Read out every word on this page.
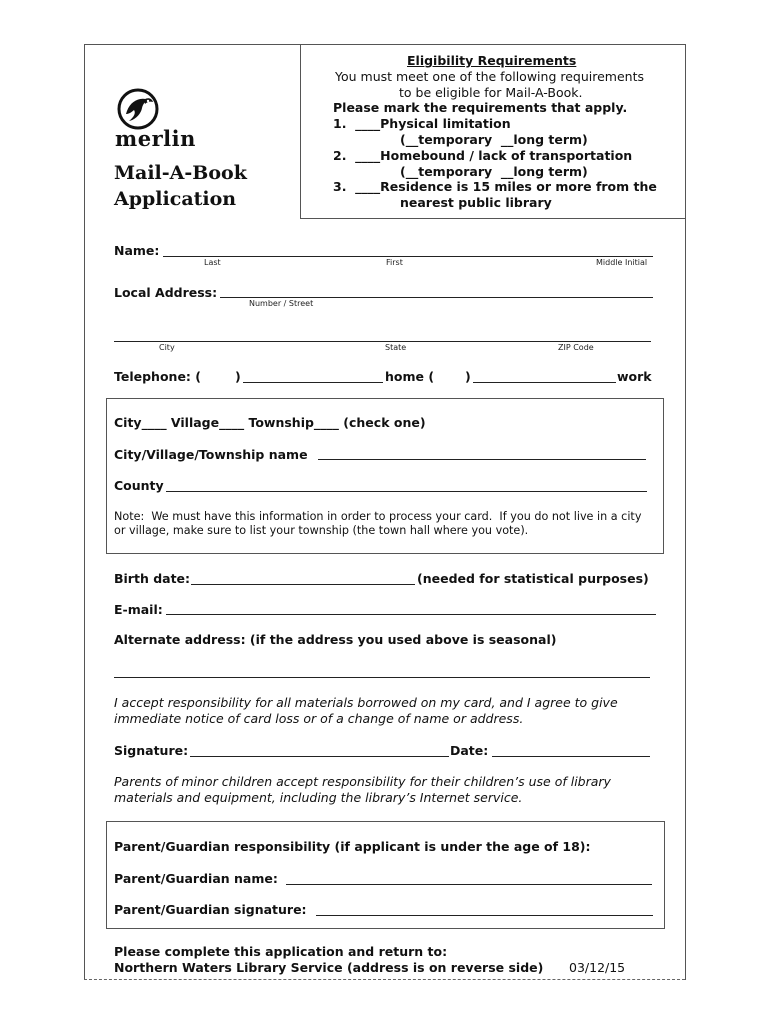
merlin
Mail-A-Book
Application
Eligibility Requirements
You must meet one of the following requirements
to be eligible for Mail-A-Book.
Please mark the requirements that apply.
1.  ____Physical limitation
(__temporary  __long term)
2.  ____Homebound / lack of transportation
(__temporary  __long term)
3.  ____Residence is 15 miles or more from the
nearest public library
Name:
Last	First	Middle Initial
Local Address:
Number / Street
City	State	ZIP Code
Telephone: (	)	home ( )	work
City____ Village____ Township____ (check one)
City/Village/Township name
County
Note:  We must have this information in order to process your card.  If you do not live in a city
or village, make sure to list your township (the town hall where you vote).
Birth date:	(needed for statistical purposes)
E-mail:
Alternate address: (if the address you used above is seasonal)
I accept responsibility for all materials borrowed on my card, and I agree to give
immediate notice of card loss or of a change of name or address.
Signature:	Date:
Parents of minor children accept responsibility for their children’s use of library
materials and equipment, including the library’s Internet service.
Parent/Guardian responsibility (if applicant is under the age of 18):
Parent/Guardian name:
Parent/Guardian signature:
Please complete this application and return to:
Northern Waters Library Service (address is on reverse side) 03/12/15
